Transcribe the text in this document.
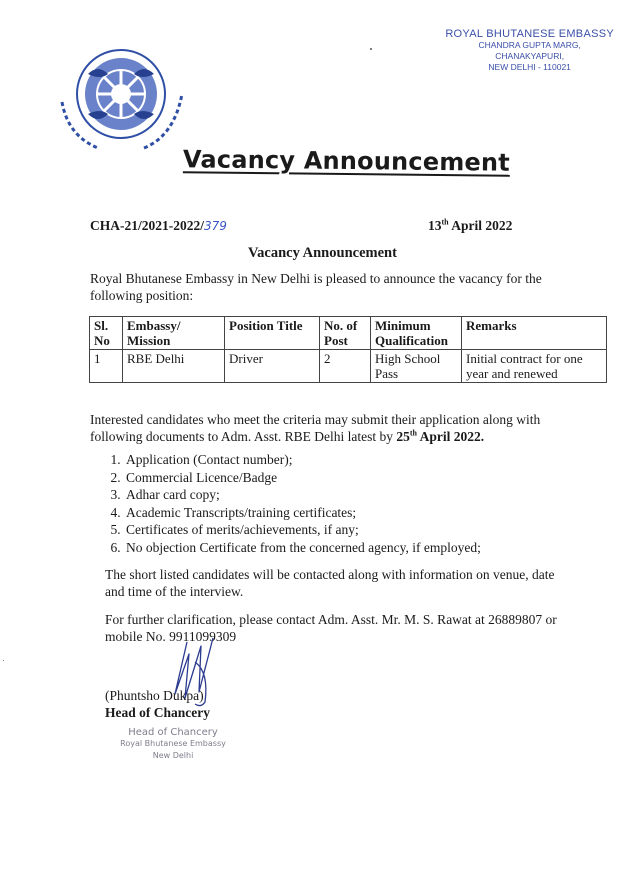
ROYAL BHUTANESE EMBASSY
CHANDRA GUPTA MARG,
CHANAKYAPURI,
NEW DELHI - 110021
Vacancy Announcement
CHA-21/2021-2022/379	13th April 2022
Vacancy Announcement
Royal Bhutanese Embassy in New Delhi is pleased to announce the vacancy for the following position:
Sl. No	Embassy/ Mission	Position Title	No. of Post	Minimum Qualification	Remarks
1	RBE Delhi	Driver	2	High School Pass	Initial contract for one year and renewed
Interested candidates who meet the criteria may submit their application along with following documents to Adm. Asst. RBE Delhi latest by 25th April 2022.
1. Application (Contact number);
2. Commercial Licence/Badge
3. Adhar card copy;
4. Academic Transcripts/training certificates;
5. Certificates of merits/achievements, if any;
6. No objection Certificate from the concerned agency, if employed;
The short listed candidates will be contacted along with information on venue, date and time of the interview.
For further clarification, please contact Adm. Asst. Mr. M. S. Rawat at 26889807 or mobile No. 9911099309
(Phuntsho Dukpa)
Head of Chancery
Head of Chancery
Royal Bhutanese Embassy
New Delhi
